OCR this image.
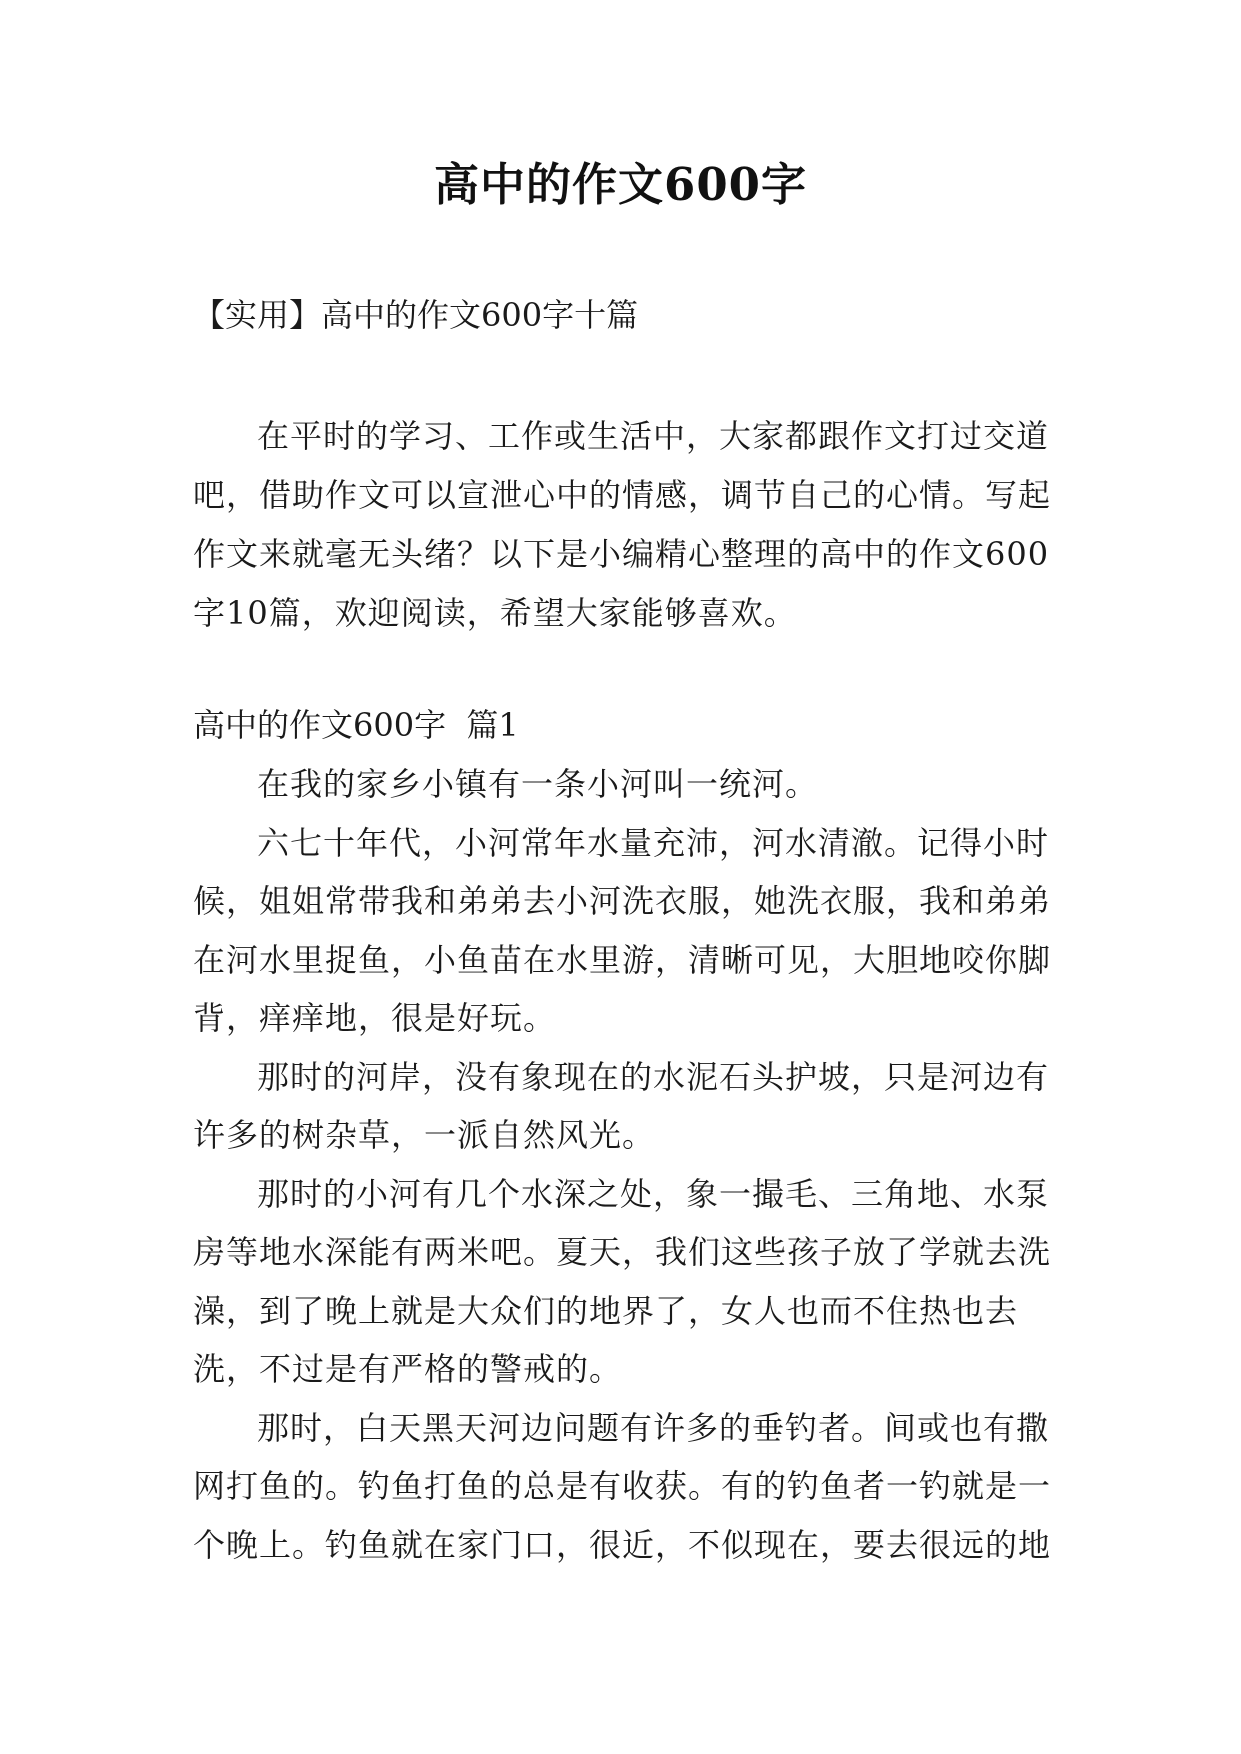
高中的作文600字
【实用】高中的作文600字十篇

在平时的学习、工作或生活中，大家都跟作文打过交道吧，借助作文可以宣泄心中的情感，调节自己的心情。写起作文来就毫无头绪？以下是小编精心整理的高中的作文600字10篇，欢迎阅读，希望大家能够喜欢。

高中的作文600字  篇1

在我的家乡小镇有一条小河叫一统河。

六七十年代，小河常年水量充沛，河水清澈。记得小时候，姐姐常带我和弟弟去小河洗衣服，她洗衣服，我和弟弟在河水里捉鱼，小鱼苗在水里游，清晰可见，大胆地咬你脚背，痒痒地，很是好玩。

那时的河岸，没有象现在的水泥石头护坡，只是河边有许多的树杂草，一派自然风光。

那时的小河有几个水深之处，象一撮毛、三角地、水泵房等地水深能有两米吧。夏天，我们这些孩子放了学就去洗澡，到了晚上就是大众们的地界了，女人也而不住热也去洗，不过是有严格的警戒的。

那时，白天黑天河边问题有许多的垂钓者。间或也有撒网打鱼的。钓鱼打鱼的总是有收获。有的钓鱼者一钓就是一个晚上。钓鱼就在家门口，很近，不似现在，要去很远的地
